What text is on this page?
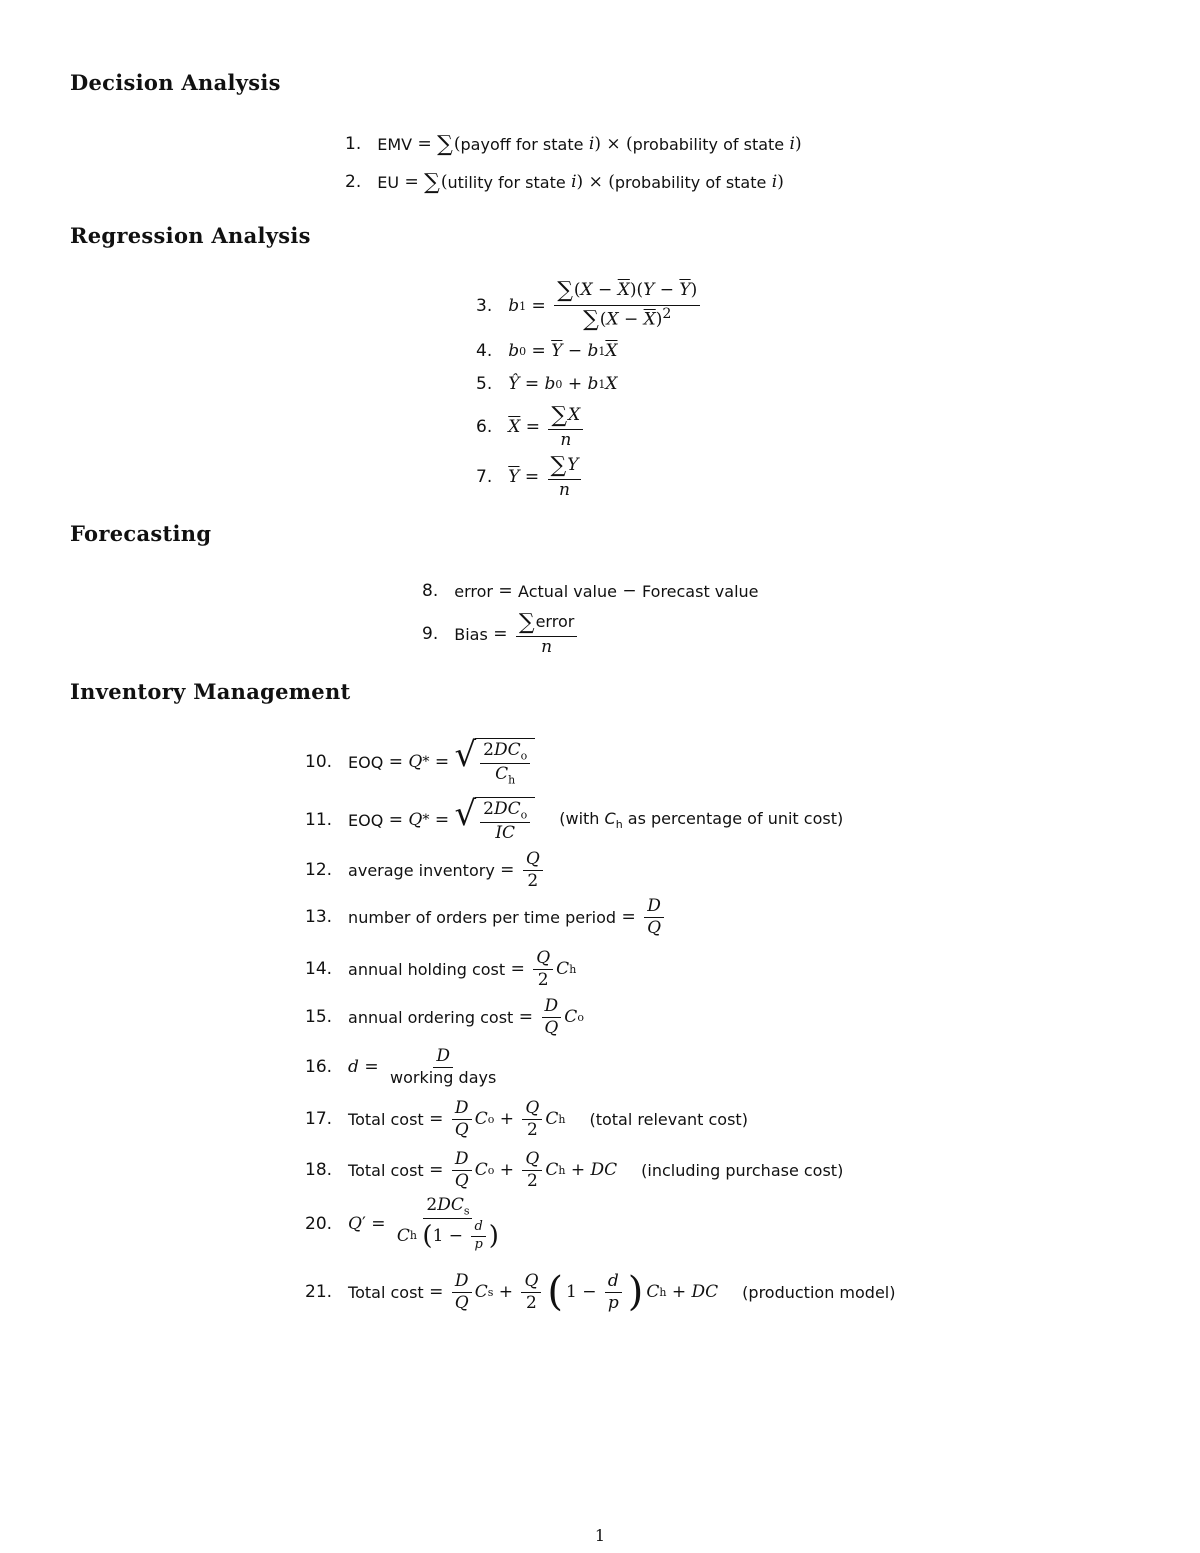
Decision Analysis
Regression Analysis
Forecasting
Inventory Management
1. EMV = ∑ ( payoff for state
i ) × ( probability of state
i )
2. EU = ∑ ( utility for state
i ) × ( probability of state
i )
3. b $1 = \frac{\sum(X - \overline{X})(Y - \overline{Y})}{\sum(X - \overline{X})^2}$
4. b $0 = \overline{Y} - b$ 1 $\overline{X}$
5. Ŷ = b 0 + b 1 X
6. $\overline{X} = \frac{\sum X}{n}$
7. $\overline{Y} = \frac{\sum Y}{n}$
8. error = Actual value − Forecast value
9. Bias = $\frac{\text{∑error}}{n}$
10. EOQ = Q * = √ $\frac{2DC_o}{C_h}$
11. EOQ = Q * = √ $\frac{2DC_o}{IC}$ (with $C_h$ as percentage of unit cost)
12. average inventory = $\frac{Q}{2}$
13. number of orders per time period = $\frac{D}{Q}$
14. annual holding $\cos t = \frac{Q}{2}$ C h
15. annual ordering $\cos t = \frac{D}{Q}$ C o
16. $d = \frac{D}{\text{working days}}$
17. Total $\cos t = \frac{D}{Q}$ C $o + \frac{Q}{2}$ C h (total relevant cost)
18. Total $\cos t = \frac{D}{Q}$ C $o + \frac{Q}{2}$ C h + DC (including purchase cost)
20. Q ′ = $2DC_s$
C h
( $1 - \frac{d}{p}$ )
21. Total $\cos t = \frac{D}{Q}$ C $s + \frac{Q}{2}$ ( $1 - \frac{d}{p}$ ) C h + DC (production model)
1
